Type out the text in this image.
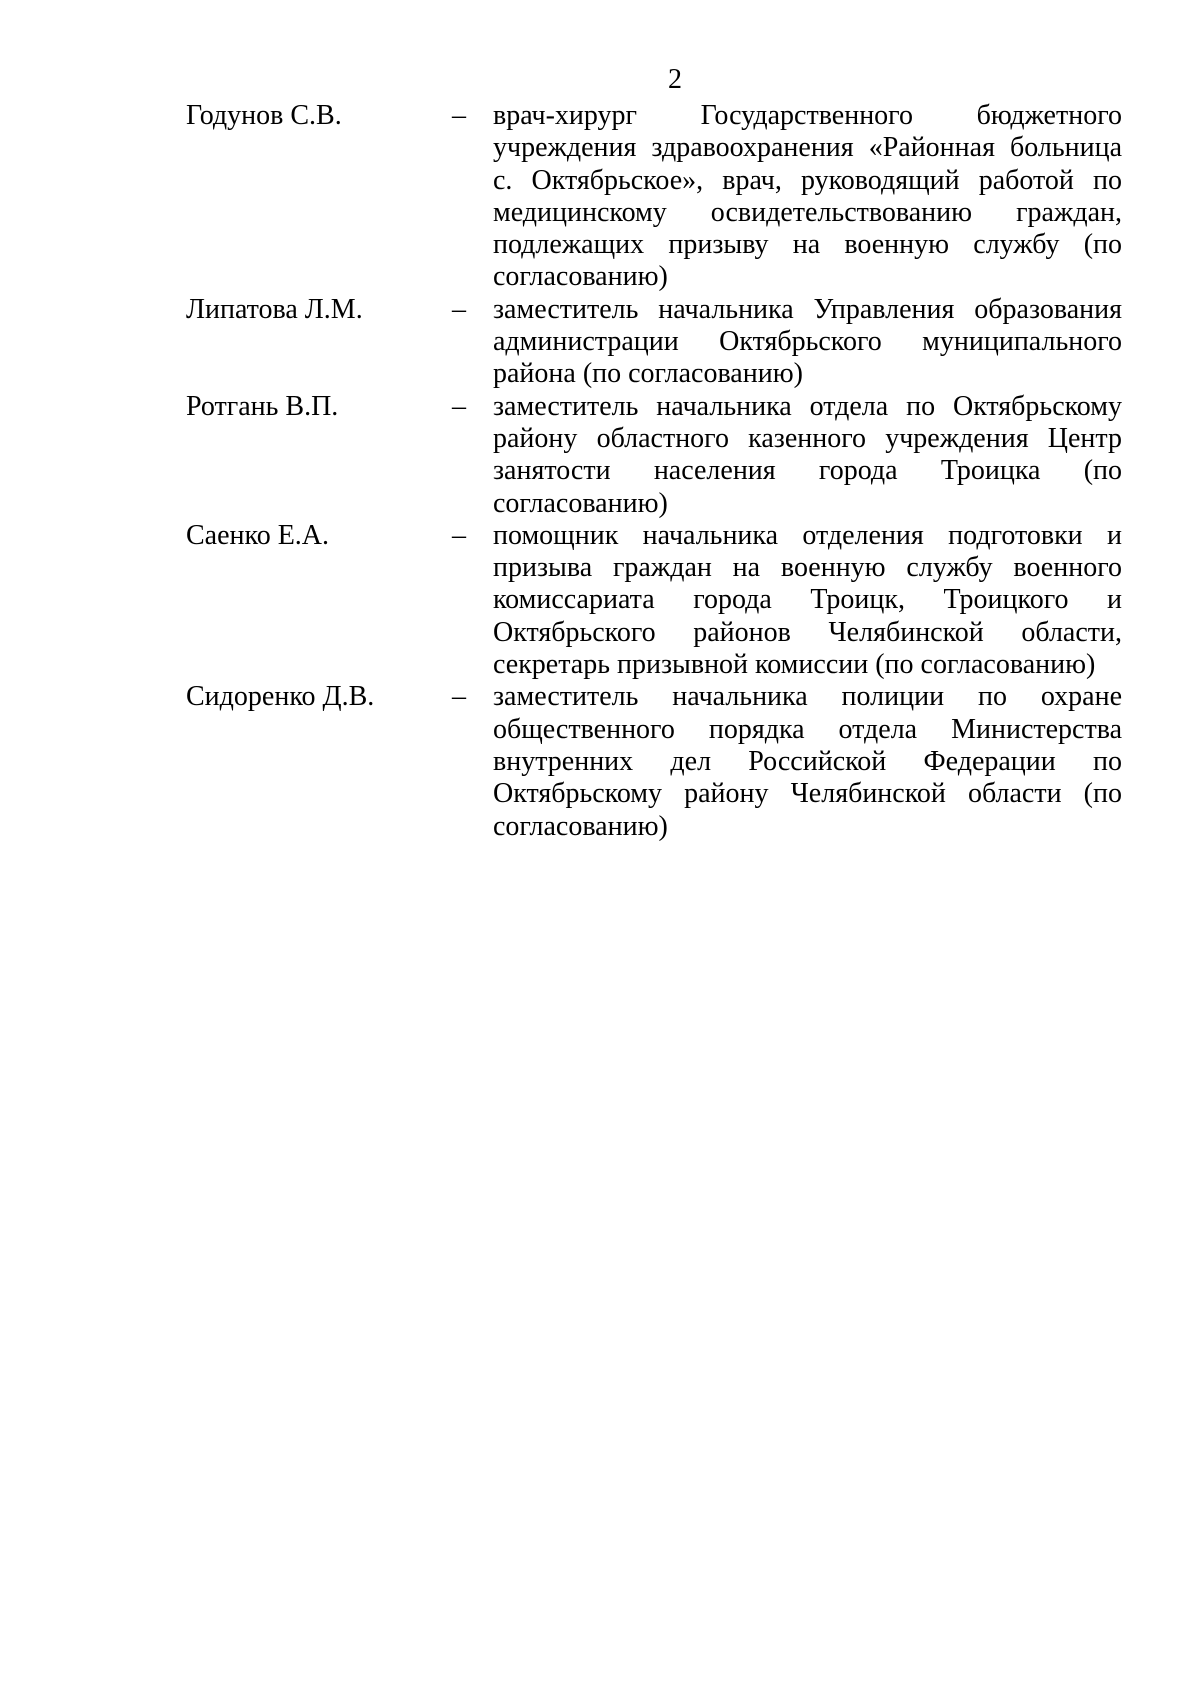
2
Годунов С.В.	– врач-хирург Государственного бюджетного учреждения здравоохранения «Районная больница с. Октябрьское», врач, руководящий работой по медицинскому освидетельствованию граждан, подлежащих призыву на военную службу (по согласованию)
Липатова Л.М.	– заместитель начальника Управления образования администрации Октябрьского муниципального района (по согласованию)
Ротгань В.П.	– заместитель начальника отдела по Октябрьскому району областного казенного учреждения Центр занятости населения города Троицка (по согласованию)
Саенко Е.А.	– помощник начальника отделения подготовки и призыва граждан на военную службу военного комиссариата города Троицк, Троицкого и Октябрьского районов Челябинской области, секретарь призывной комиссии (по согласованию)
Сидоренко Д.В.	– заместитель начальника полиции по охране общественного порядка отдела Министерства внутренних дел Российской Федерации по Октябрьскому району Челябинской области (по согласованию)
